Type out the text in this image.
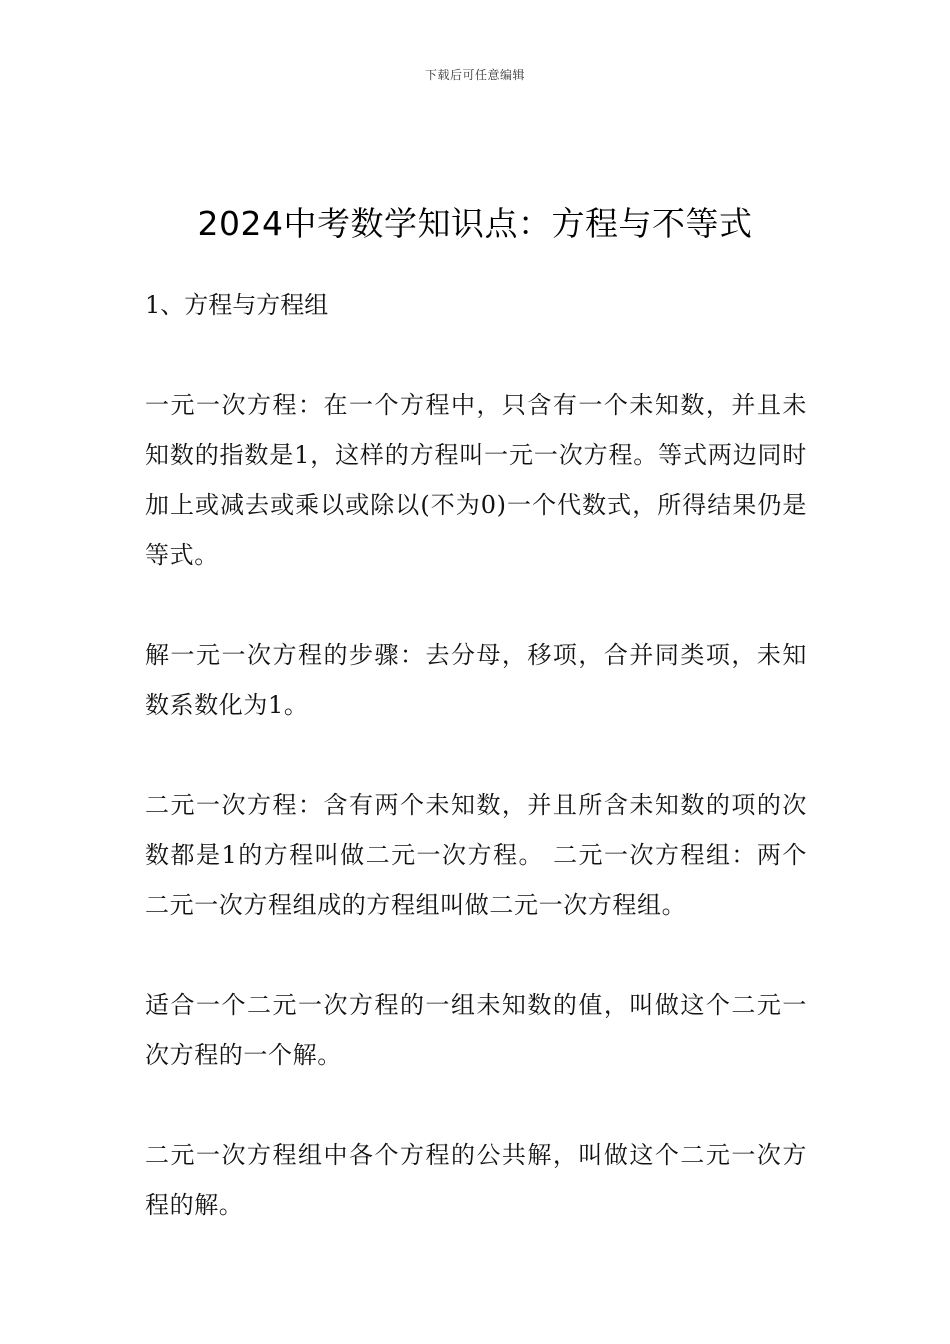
下载后可任意编辑
2024中考数学知识点：方程与不等式
1、方程与方程组

一元一次方程：在一个方程中，只含有一个未知数，并且未知数的指数是1，这样的方程叫一元一次方程。等式两边同时加上或减去或乘以或除以(不为0)一个代数式，所得结果仍是等式。

解一元一次方程的步骤：去分母，移项，合并同类项，未知数系数化为1。

二元一次方程：含有两个未知数，并且所含未知数的项的次数都是1的方程叫做二元一次方程。 二元一次方程组：两个二元一次方程组成的方程组叫做二元一次方程组。

适合一个二元一次方程的一组未知数的值，叫做这个二元一次方程的一个解。

二元一次方程组中各个方程的公共解，叫做这个二元一次方程的解。
